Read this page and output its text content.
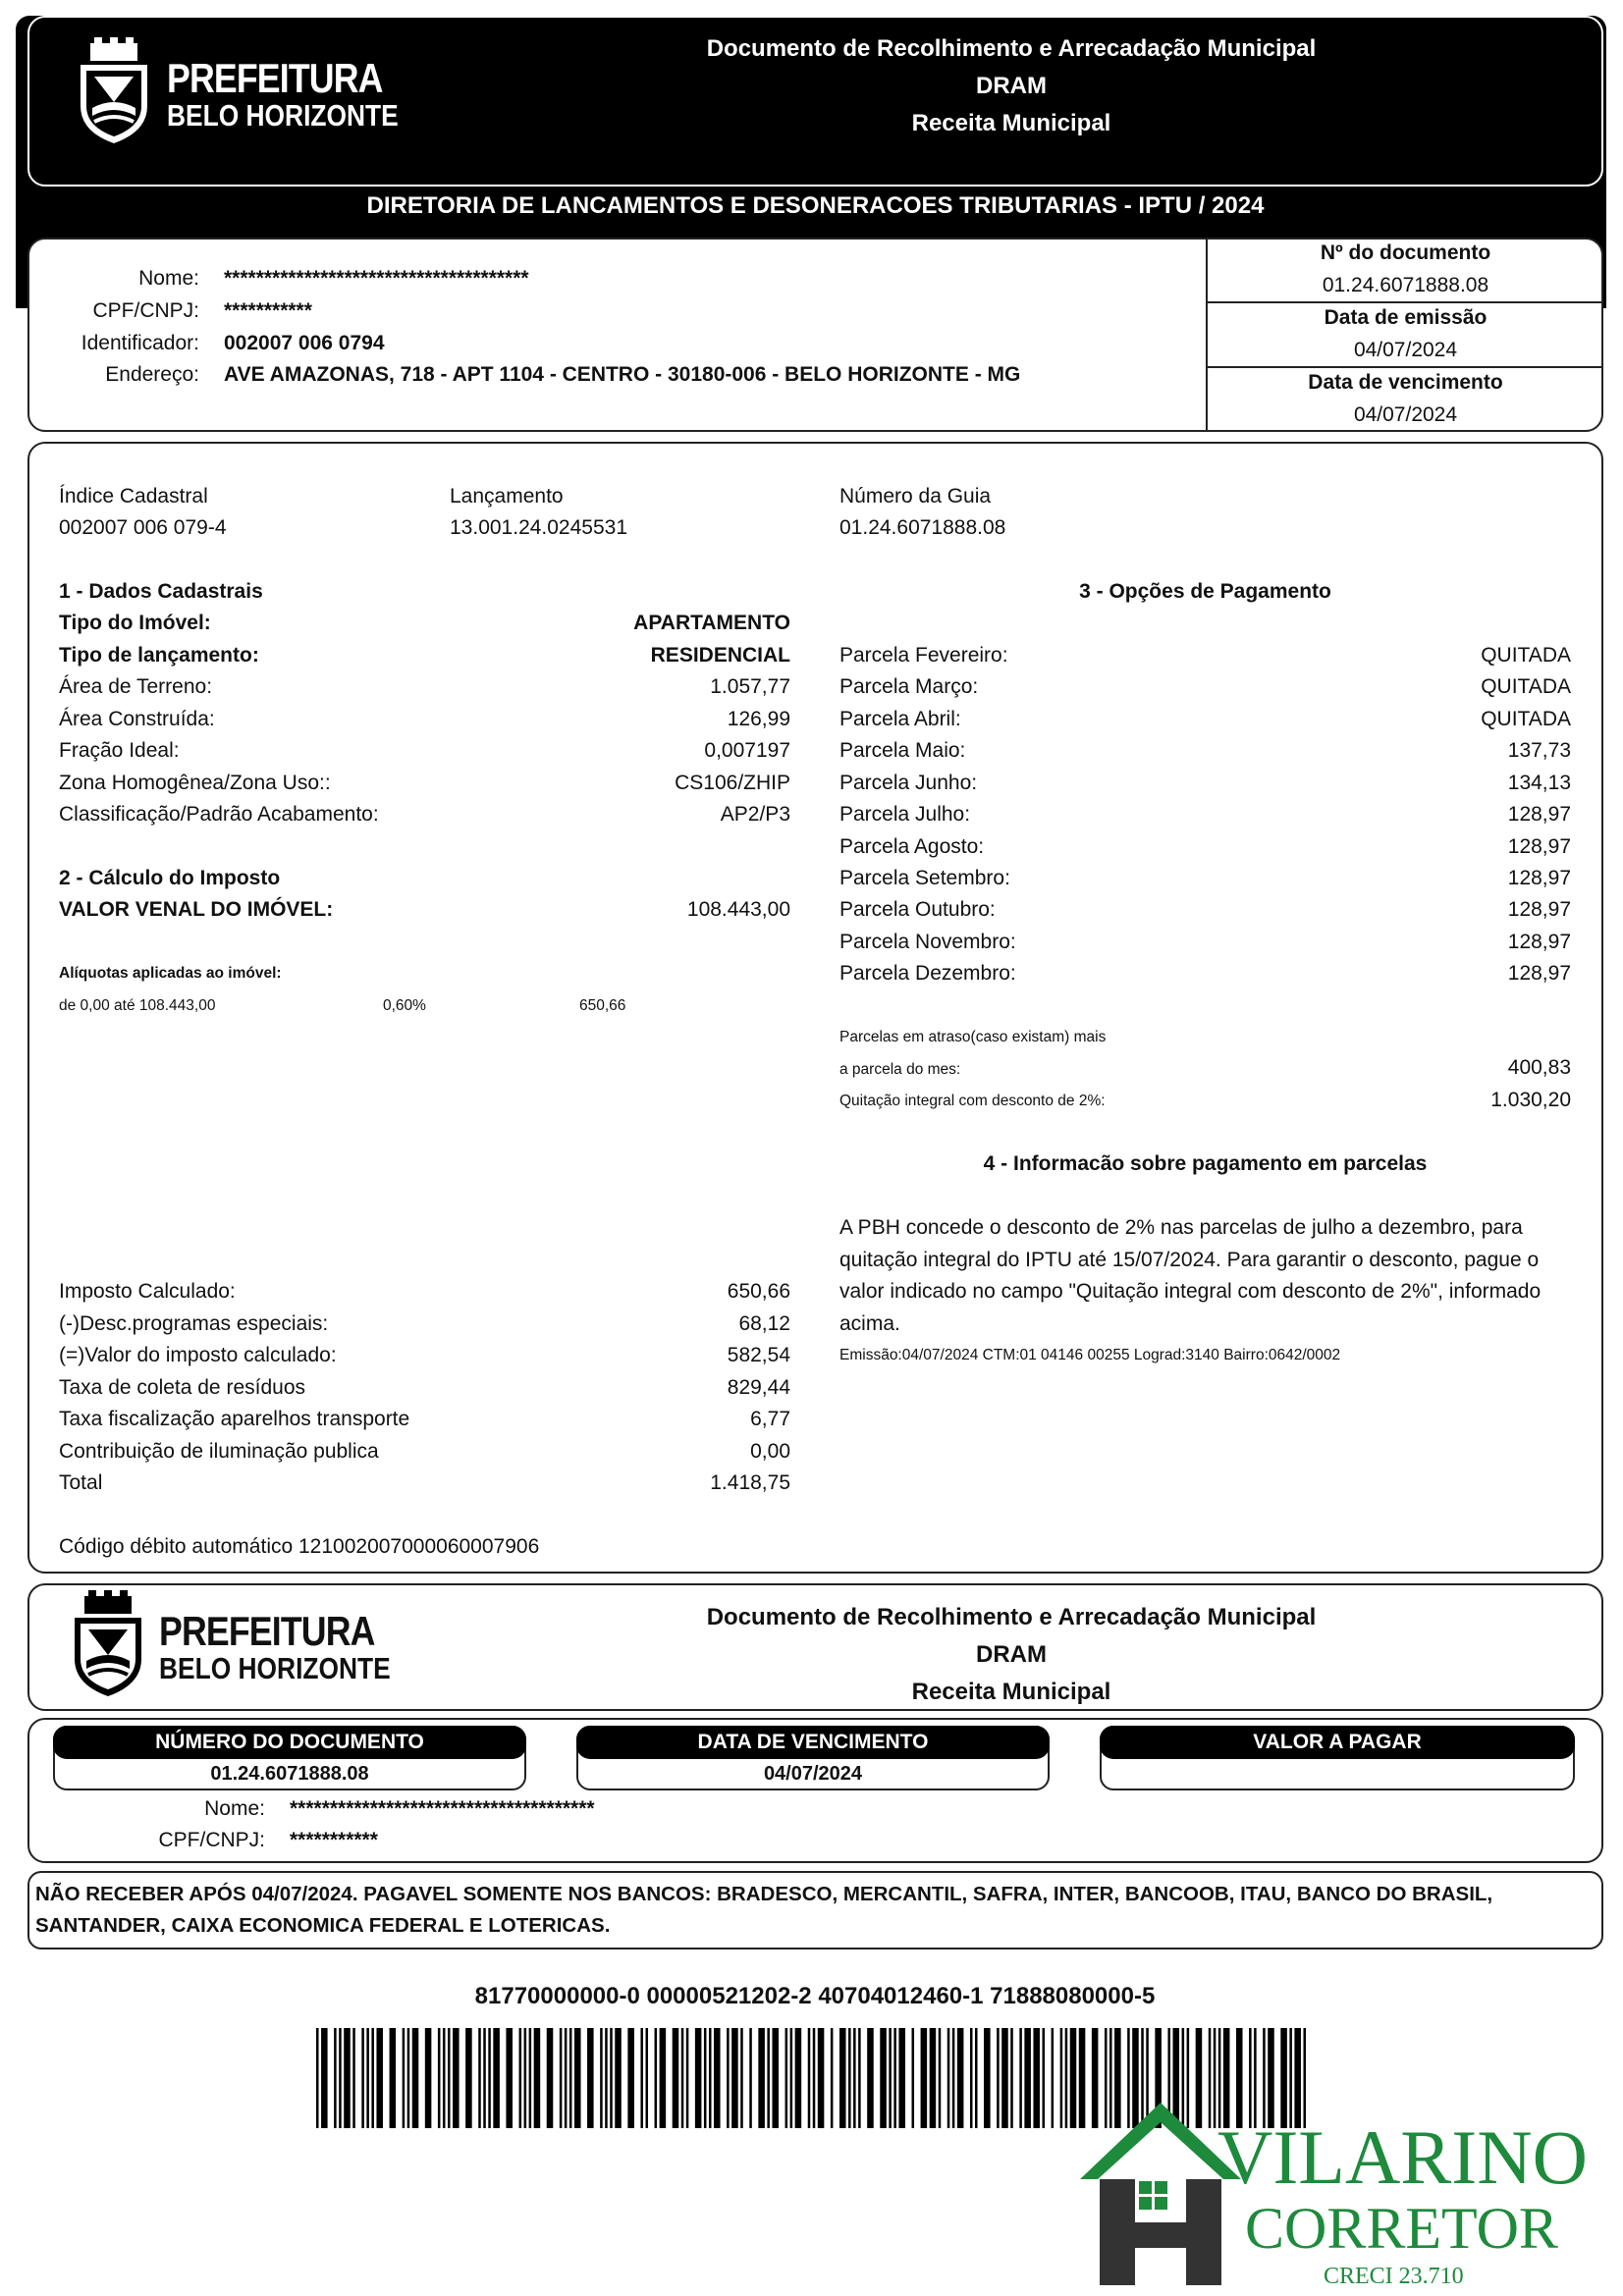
PREFEITURA
BELO HORIZONTE
Documento de Recolhimento e Arrecadação Municipal
DRAM
Receita Municipal
DIRETORIA DE LANCAMENTOS E DESONERACOES TRIBUTARIAS - IPTU / 2024
Nome: **************************************
CPF/CNPJ: ***********
Identificador: 002007 006 0794
Endereço: AVE AMAZONAS, 718 - APT 1104 - CENTRO - 30180-006 - BELO HORIZONTE - MG
Nº do documento
01.24.6071888.08
Data de emissão
04/07/2024
Data de vencimento
04/07/2024
Índice Cadastral
002007 006 079-4
Lançamento
13.001.24.0245531
Número da Guia
01.24.6071888.08
1 - Dados Cadastrais
Tipo do Imóvel:	APARTAMENTO
Tipo de lançamento:	RESIDENCIAL
Área de Terreno:	1.057,77
Área Construída:	126,99
Fração Ideal:	0,007197
Zona Homogênea/Zona Uso::	CS106/ZHIP
Classificação/Padrão Acabamento:	AP2/P3
2 - Cálculo do Imposto
VALOR VENAL DO IMÓVEL:	108.443,00
Alíquotas aplicadas ao imóvel:
de 0,00 até 108.443,00	0,60%	650,66
Imposto Calculado:	650,66
(-)Desc.programas especiais:	68,12
(=)Valor do imposto calculado:	582,54
Taxa de coleta de resíduos	829,44
Taxa fiscalização aparelhos transporte	6,77
Contribuição de iluminação publica	0,00
Total	1.418,75
Código débito automático 121002007000060007906
3 - Opções de Pagamento
Parcela Fevereiro:	QUITADA
Parcela Março:	QUITADA
Parcela Abril:	QUITADA
Parcela Maio:	137,73
Parcela Junho:	134,13
Parcela Julho:	128,97
Parcela Agosto:	128,97
Parcela Setembro:	128,97
Parcela Outubro:	128,97
Parcela Novembro:	128,97
Parcela Dezembro:	128,97
Parcelas em atraso(caso existam) mais
a parcela do mes:	400,83
Quitação integral com desconto de 2%:	1.030,20
4 - Informacão sobre pagamento em parcelas
A PBH concede o desconto de 2% nas parcelas de julho a dezembro, para
quitação integral do IPTU até 15/07/2024. Para garantir o desconto, pague o
valor indicado no campo "Quitação integral com desconto de 2%", informado
acima.
Emissão:04/07/2024 CTM:01 04146 00255 Lograd:3140 Bairro:0642/0002
PREFEITURA
BELO HORIZONTE
Documento de Recolhimento e Arrecadação Municipal
DRAM
Receita Municipal
NÚMERO DO DOCUMENTO
01.24.6071888.08
DATA DE VENCIMENTO
04/07/2024
VALOR A PAGAR
Nome: **************************************
CPF/CNPJ: ***********
NÃO RECEBER APÓS 04/07/2024. PAGAVEL SOMENTE NOS BANCOS: BRADESCO, MERCANTIL, SAFRA, INTER, BANCOOB, ITAU, BANCO DO BRASIL,
SANTANDER, CAIXA ECONOMICA FEDERAL E LOTERICAS.
81770000000-0 00000521202-2 40704012460-1 71888080000-5
VILARINO
CORRETOR
CRECI 23.710
